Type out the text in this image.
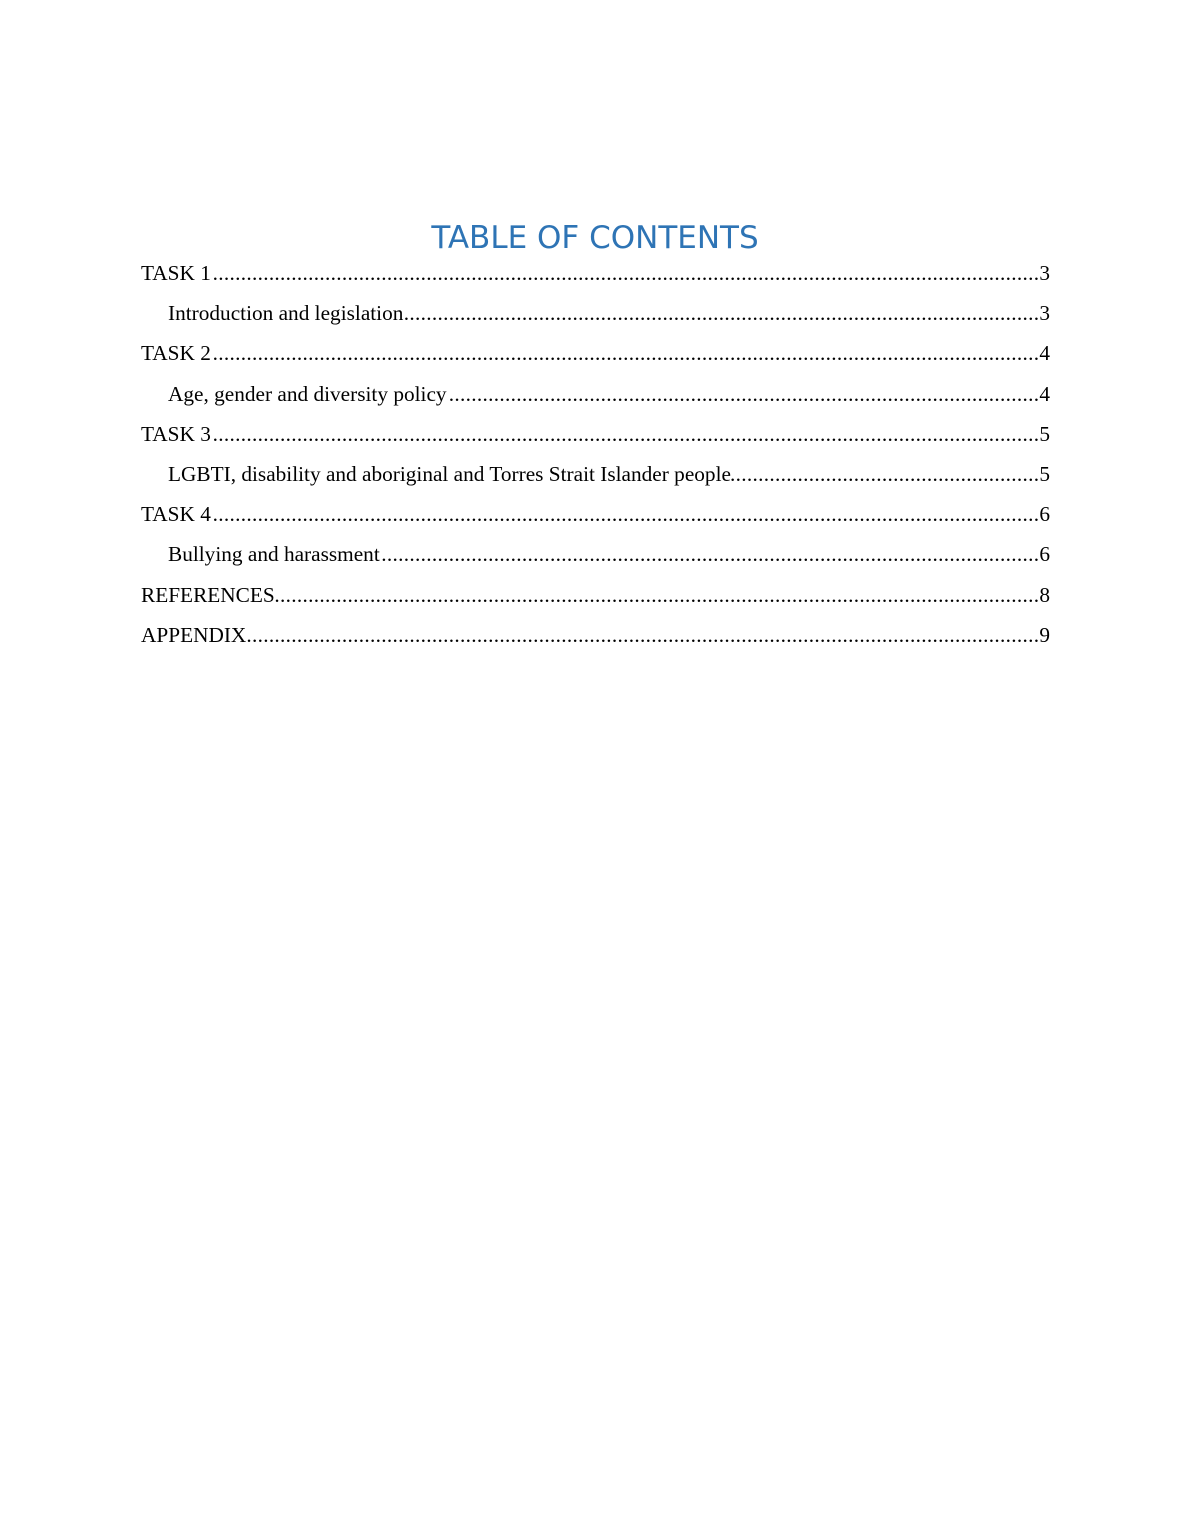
TABLE OF CONTENTS
TASK 1 .....	3
Introduction and legislation .....	3
TASK 2 .....	4
Age, gender and diversity policy .....	4
TASK 3 .....	5
LGBTI, disability and aboriginal and Torres Strait Islander people .....	5
TASK 4 .....	6
Bullying and harassment .....	6
REFERENCES .....	8
APPENDIX .....	9
